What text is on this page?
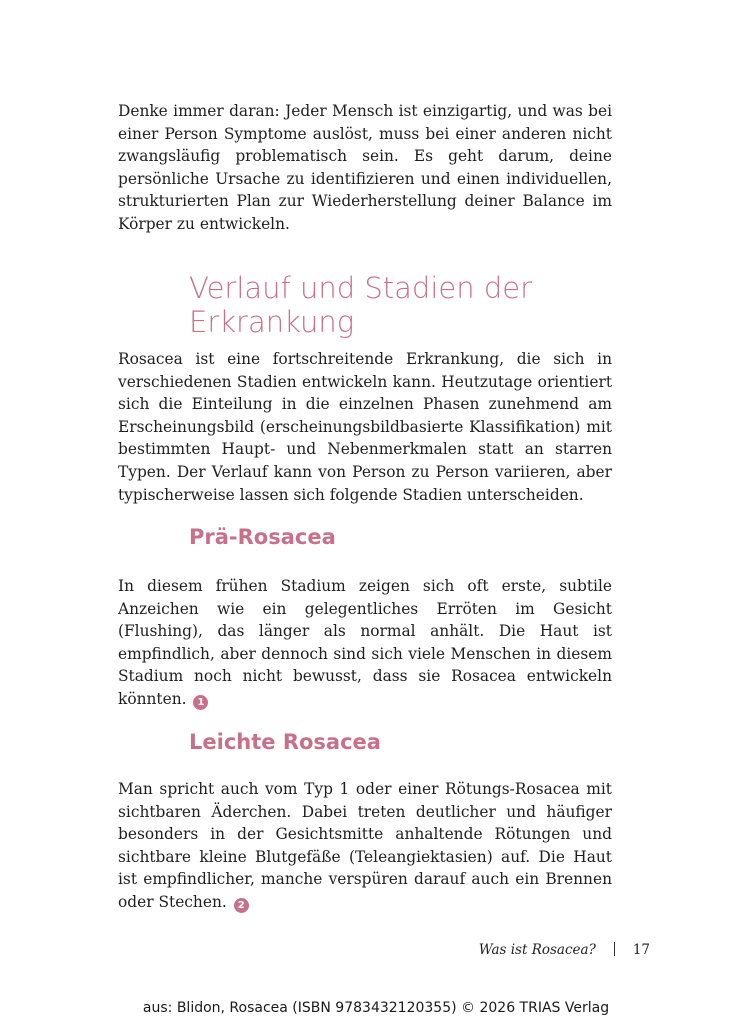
Denke immer daran: Jeder Mensch ist einzigartig, und was bei einer Person Symptome auslöst, muss bei einer anderen nicht zwangsläufig problematisch sein. Es geht darum, deine persönliche Ursache zu identifizieren und einen individuellen, strukturierten Plan zur Wiederherstellung deiner Balance im Körper zu entwickeln.

Verlauf und Stadien der Erkrankung

Rosacea ist eine fortschreitende Erkrankung, die sich in verschiedenen Stadien entwickeln kann. Heutzutage orientiert sich die Einteilung in die einzelnen Phasen zunehmend am Erscheinungsbild (erscheinungsbildbasierte Klassifikation) mit bestimmten Haupt- und Nebenmerkmalen statt an starren Typen. Der Verlauf kann von Person zu Person variieren, aber typischerweise lassen sich folgende Stadien unterscheiden.

Prä-Rosacea

In diesem frühen Stadium zeigen sich oft erste, subtile Anzeichen wie ein gelegentliches Erröten im Gesicht (Flushing), das länger als normal anhält. Die Haut ist empfindlich, aber dennoch sind sich viele Menschen in diesem Stadium noch nicht bewusst, dass sie Rosacea entwickeln könnten. 1

Leichte Rosacea

Man spricht auch vom Typ 1 oder einer Rötungs-Rosacea mit sichtbaren Äderchen. Dabei treten deutlicher und häufiger besonders in der Gesichtsmitte anhaltende Rötungen und sichtbare kleine Blutgefäße (Teleangiektasien) auf. Die Haut ist empfindlicher, manche verspüren darauf auch ein Brennen oder Stechen. 2

Was ist Rosacea?	17
aus: Blidon, Rosacea (ISBN 9783432120355) © 2026 TRIAS Verlag
